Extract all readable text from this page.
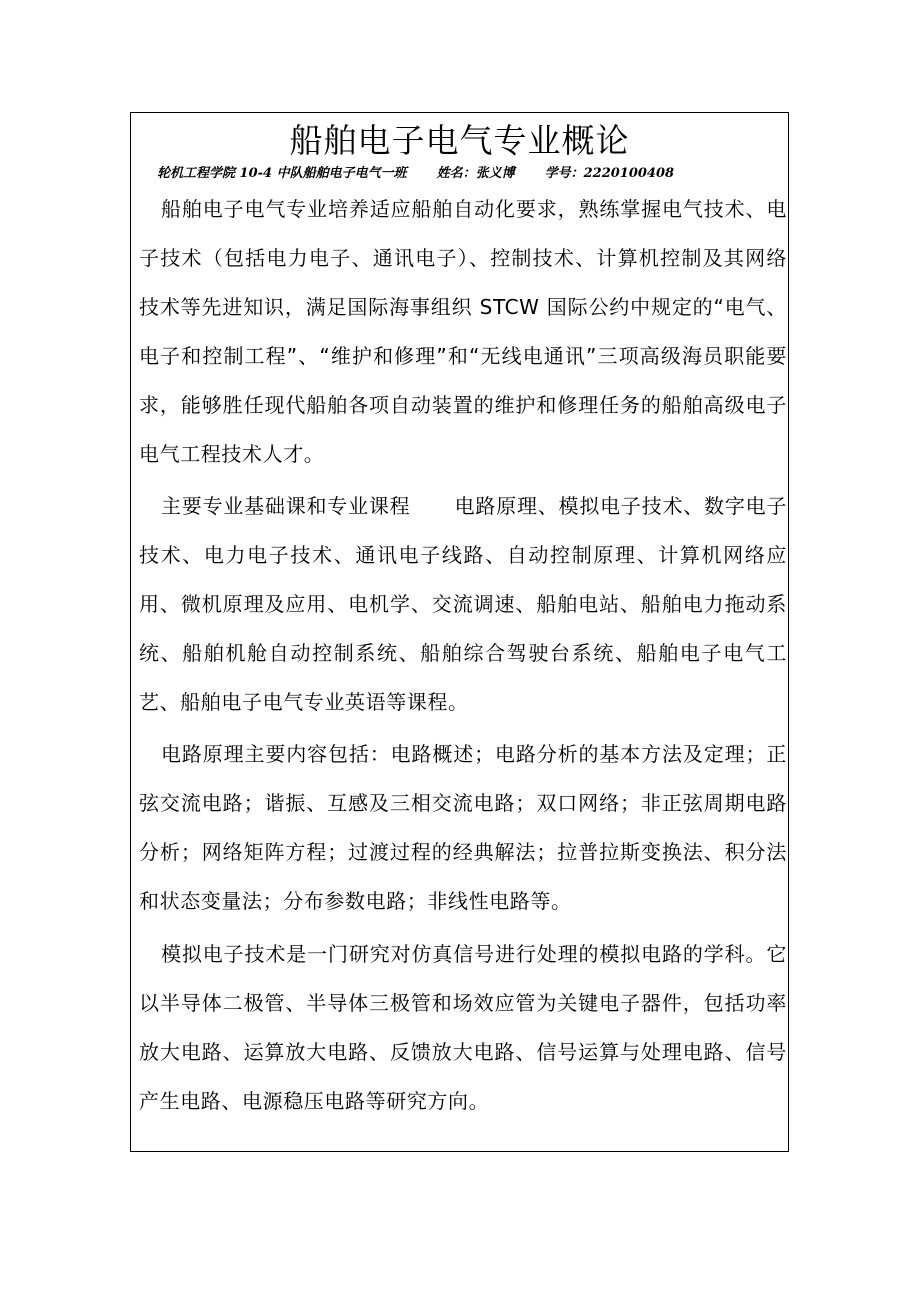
船舶电子电气专业概论
轮机工程学院 10-4 中队船舶电子电气一班 姓名：张义博 学号：2220100408

船舶电子电气专业培养适应船舶自动化要求，熟练掌握电气技术、电子技术（包括电力电子、通讯电子）、控制技术、计算机控制及其网络技术等先进知识，满足国际海事组织 STCW 国际公约中规定的“电气、电子和控制工程”、“维护和修理”和“无线电通讯”三项高级海员职能要求，能够胜任现代船舶各项自动装置的维护和修理任务的船舶高级电子电气工程技术人才。

主要专业基础课和专业课程 电路原理、模拟电子技术、数字电子技术、电力电子技术、通讯电子线路、自动控制原理、计算机网络应用、微机原理及应用、电机学、交流调速、船舶电站、船舶电力拖动系统、船舶机舱自动控制系统、船舶综合驾驶台系统、船舶电子电气工艺、船舶电子电气专业英语等课程。

电路原理主要内容包括：电路概述；电路分析的基本方法及定理；正弦交流电路；谐振、互感及三相交流电路；双口网络；非正弦周期电路分析；网络矩阵方程；过渡过程的经典解法；拉普拉斯变换法、积分法和状态变量法；分布参数电路；非线性电路等。

模拟电子技术是一门研究对仿真信号进行处理的模拟电路的学科。它以半导体二极管、半导体三极管和场效应管为关键电子器件，包括功率放大电路、运算放大电路、反馈放大电路、信号运算与处理电路、信号产生电路、电源稳压电路等研究方向。
